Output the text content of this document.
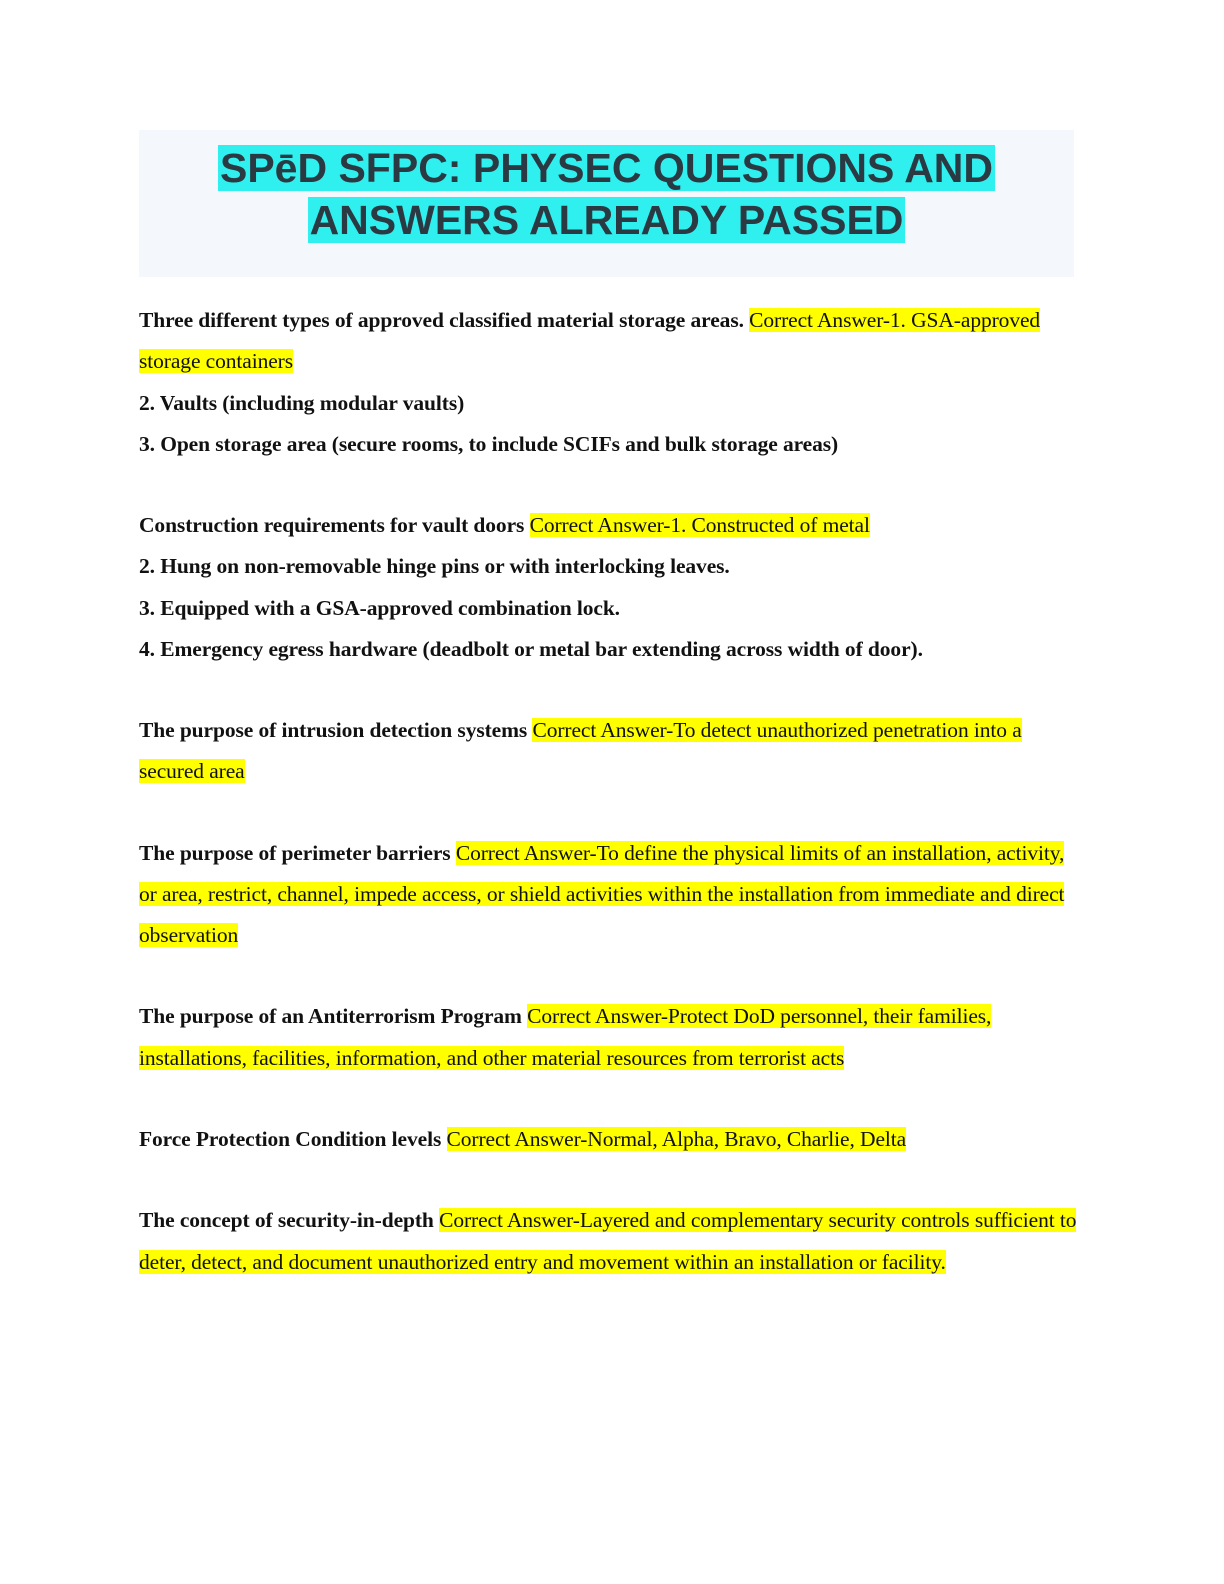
SPēD SFPC: PHYSEC QUESTIONS AND
ANSWERS ALREADY PASSED
Three different types of approved classified material storage areas. Correct Answer-1. GSA-approved storage containers
2. Vaults (including modular vaults)
3. Open storage area (secure rooms, to include SCIFs and bulk storage areas)
Construction requirements for vault doors Correct Answer-1. Constructed of metal
2. Hung on non-removable hinge pins or with interlocking leaves.
3. Equipped with a GSA-approved combination lock.
4. Emergency egress hardware (deadbolt or metal bar extending across width of door).
The purpose of intrusion detection systems Correct Answer-To detect unauthorized penetration into a secured area
The purpose of perimeter barriers Correct Answer-To define the physical limits of an installation, activity, or area, restrict, channel, impede access, or shield activities within the installation from immediate and direct observation
The purpose of an Antiterrorism Program Correct Answer-Protect DoD personnel, their families, installations, facilities, information, and other material resources from terrorist acts
Force Protection Condition levels Correct Answer-Normal, Alpha, Bravo, Charlie, Delta
The concept of security-in-depth Correct Answer-Layered and complementary security controls sufficient to deter, detect, and document unauthorized entry and movement within an installation or facility.
